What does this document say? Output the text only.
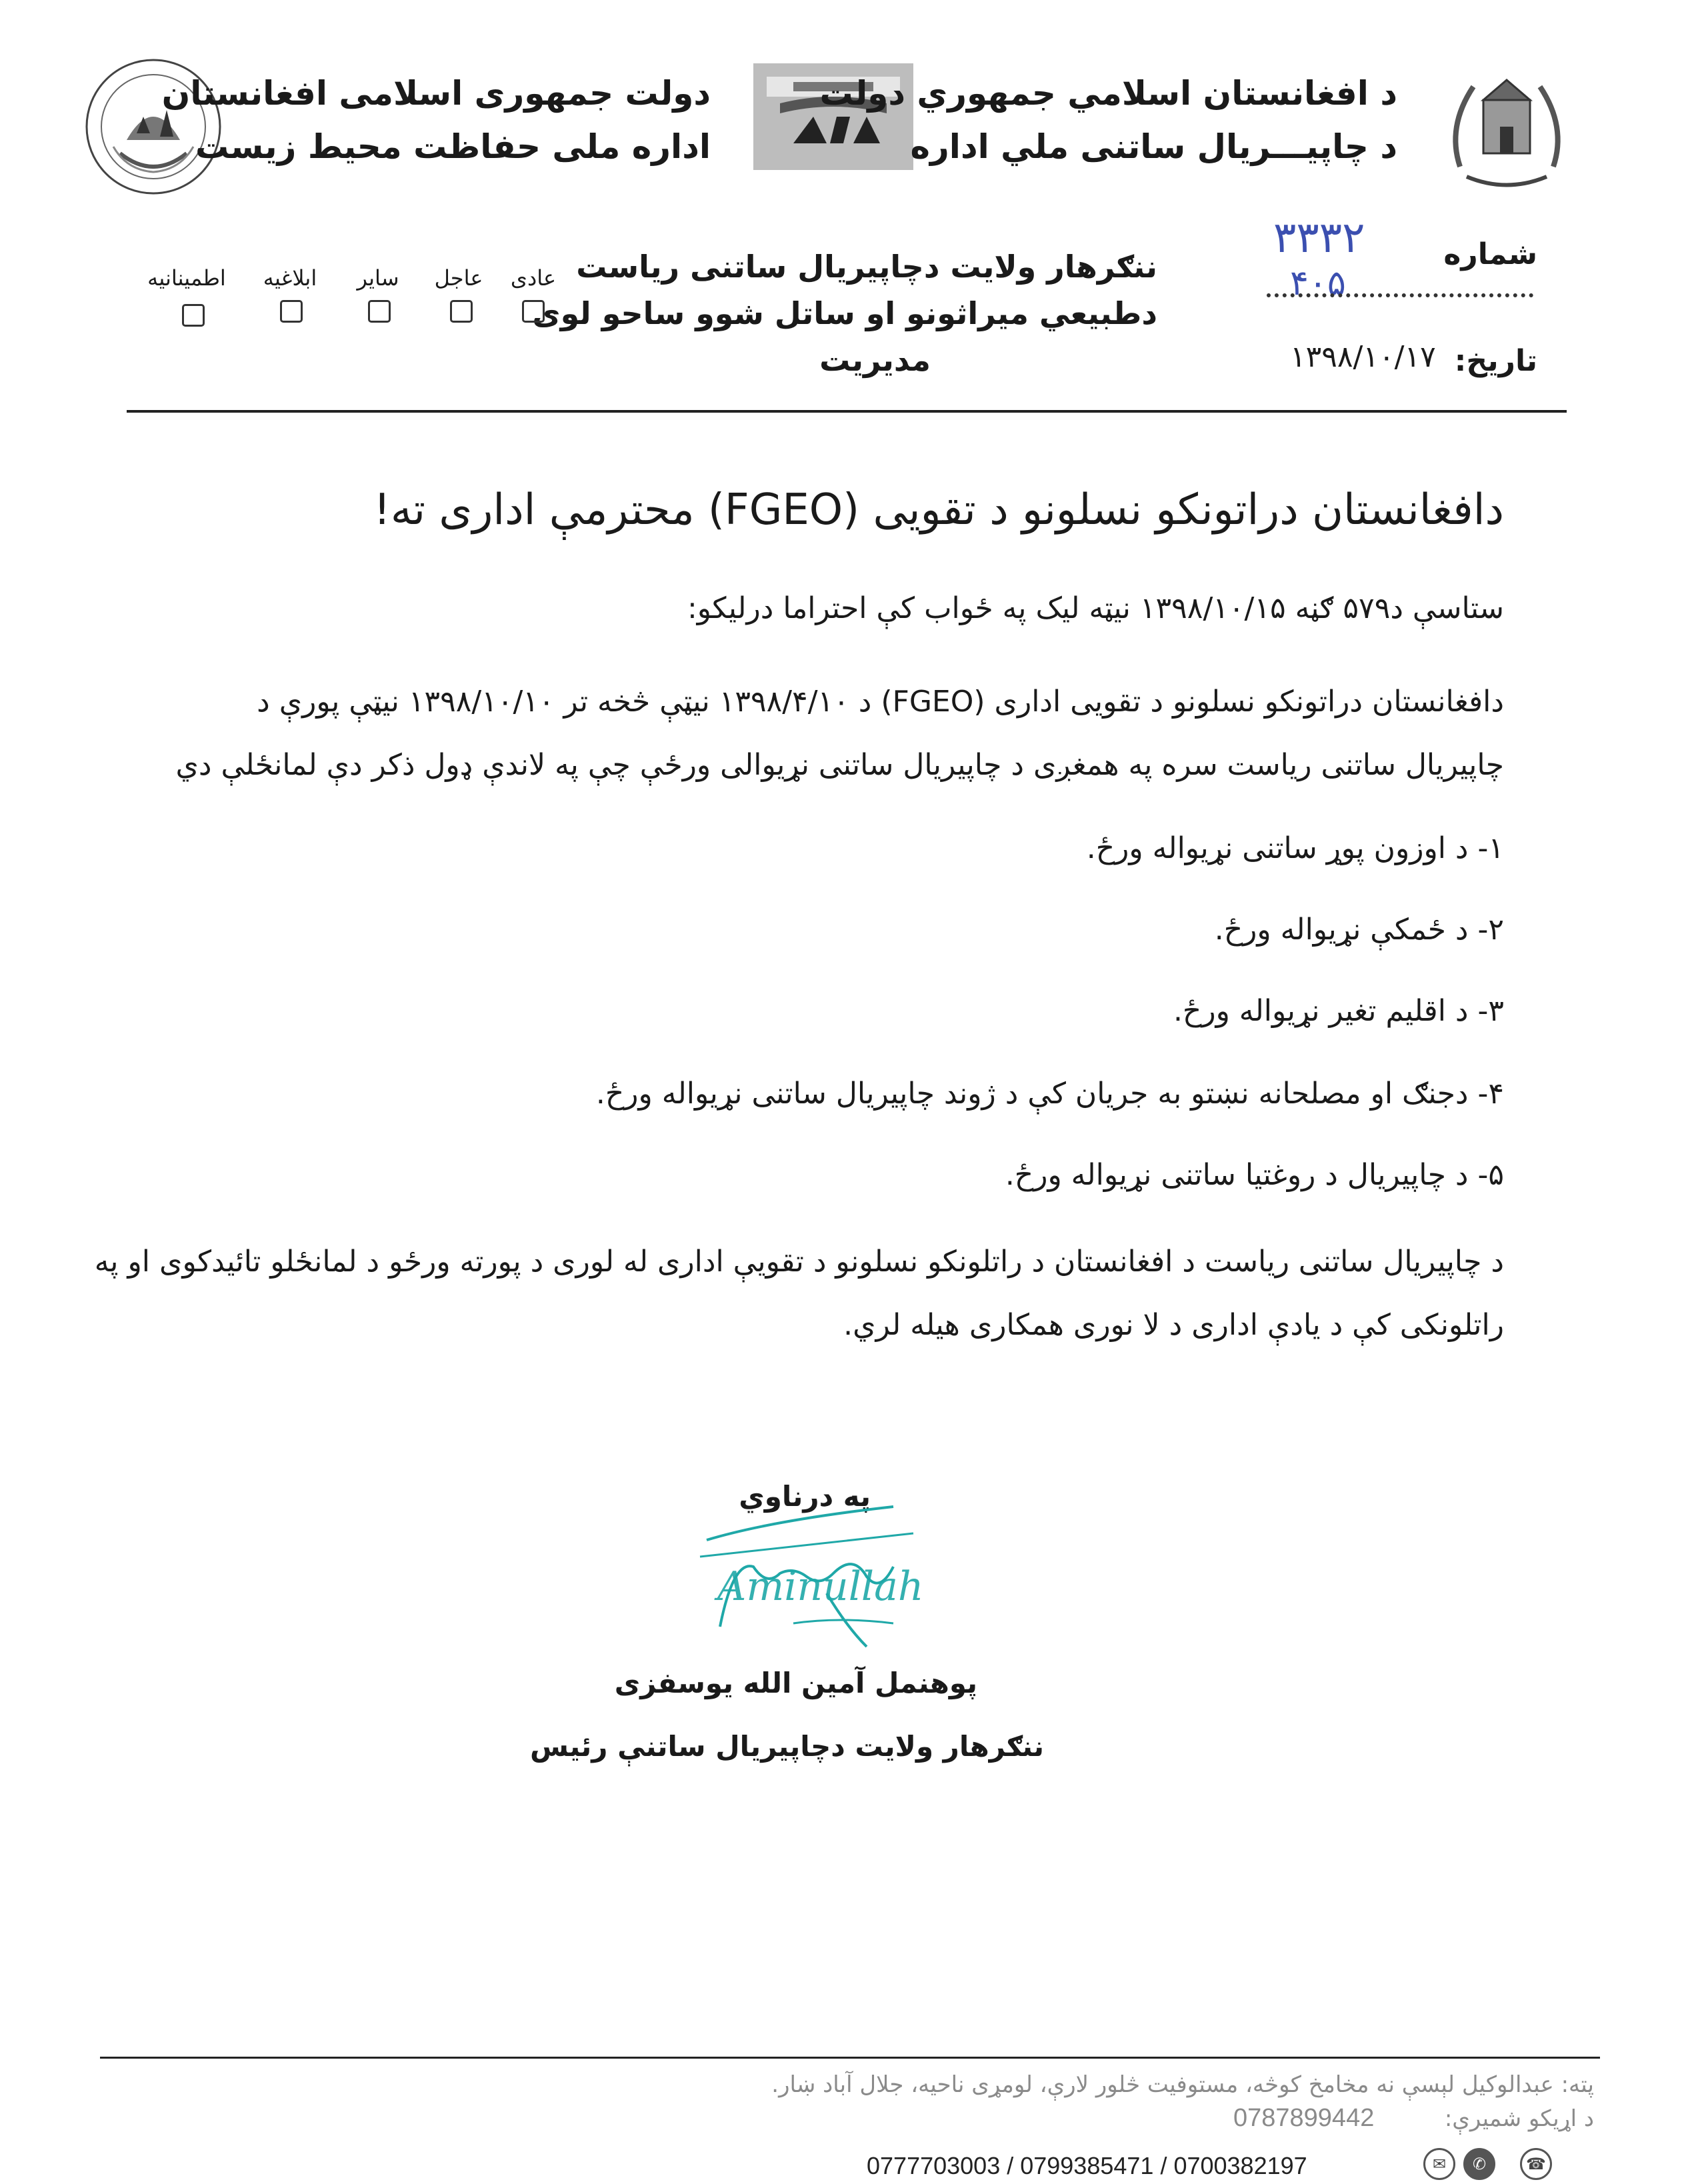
دولت جمهوری اسلامی افغانستان
اداره ملی حفاظت محیط زیست
د افغانستان اسلامي جمهوري دولت
د چاپیـــریال ساتنی ملي اداره
شماره
۳۳۳۲
۴۰۵
تاریخ:
۱۳۹۸/۱۰/۱۷
ننګرهار ولایت دچاپیریال ساتنی ریاست
دطبیعي میراثونو او ساتل شوو ساحو لوی
مدیریت
عادی
عاجل
سایر
ابلاغیه
اطمینانیه
دافغانستان دراتونکو نسلونو د تقویی (FGEO) محترمې اداری ته!
ستاسې د۵۷۹ ګڼه ۱۳۹۸/۱۰/۱۵ نیټه لیک په ځواب کې احتراما درلیکو:
دافغانستان دراتونکو نسلونو د تقویی اداری (FGEO) د ۱۳۹۸/۴/۱۰ نیټې څخه تر ۱۳۹۸/۱۰/۱۰ نیټې پورې د
چاپیریال ساتنی ریاست سره په همغږی د چاپیریال ساتنی نړیوالی ورځې چې په لاندې ډول ذکر دې لمانځلې دي
۱- د اوزون پوړ ساتنی نړیواله ورځ.
۲- د ځمکې نړیواله ورځ.
۳- د اقلیم تغیر نړیواله ورځ.
۴- دجنګ او مصلحانه نښتو به جریان کې د ژوند چاپیریال ساتنی نړیواله ورځ.
۵- د چاپیریال د روغتیا ساتنی نړیواله ورځ.
د چاپیریال ساتنی ریاست د افغانستان د راتلونکو نسلونو د تقویې اداری له لوری د پورته ورځو د لمانځلو تائیدکوی او په
راتلونکی کې د یادې اداری د لا نوری همکاری هیله لري.
په درناوي
Aminullah
پوهنمل آمین الله یوسفزی
ننګرهار ولایت دچاپیریال ساتنې رئیس
پته: عبدالوکیل لېسې نه مخامخ کوڅه، مستوفیت څلور لارې، لومړی ناحیه، جلال آباد ښار.
د اړیکو شمیرې:
0787899442
0777703003 / 0799385471 / 0700382197	✉	✆	☎
